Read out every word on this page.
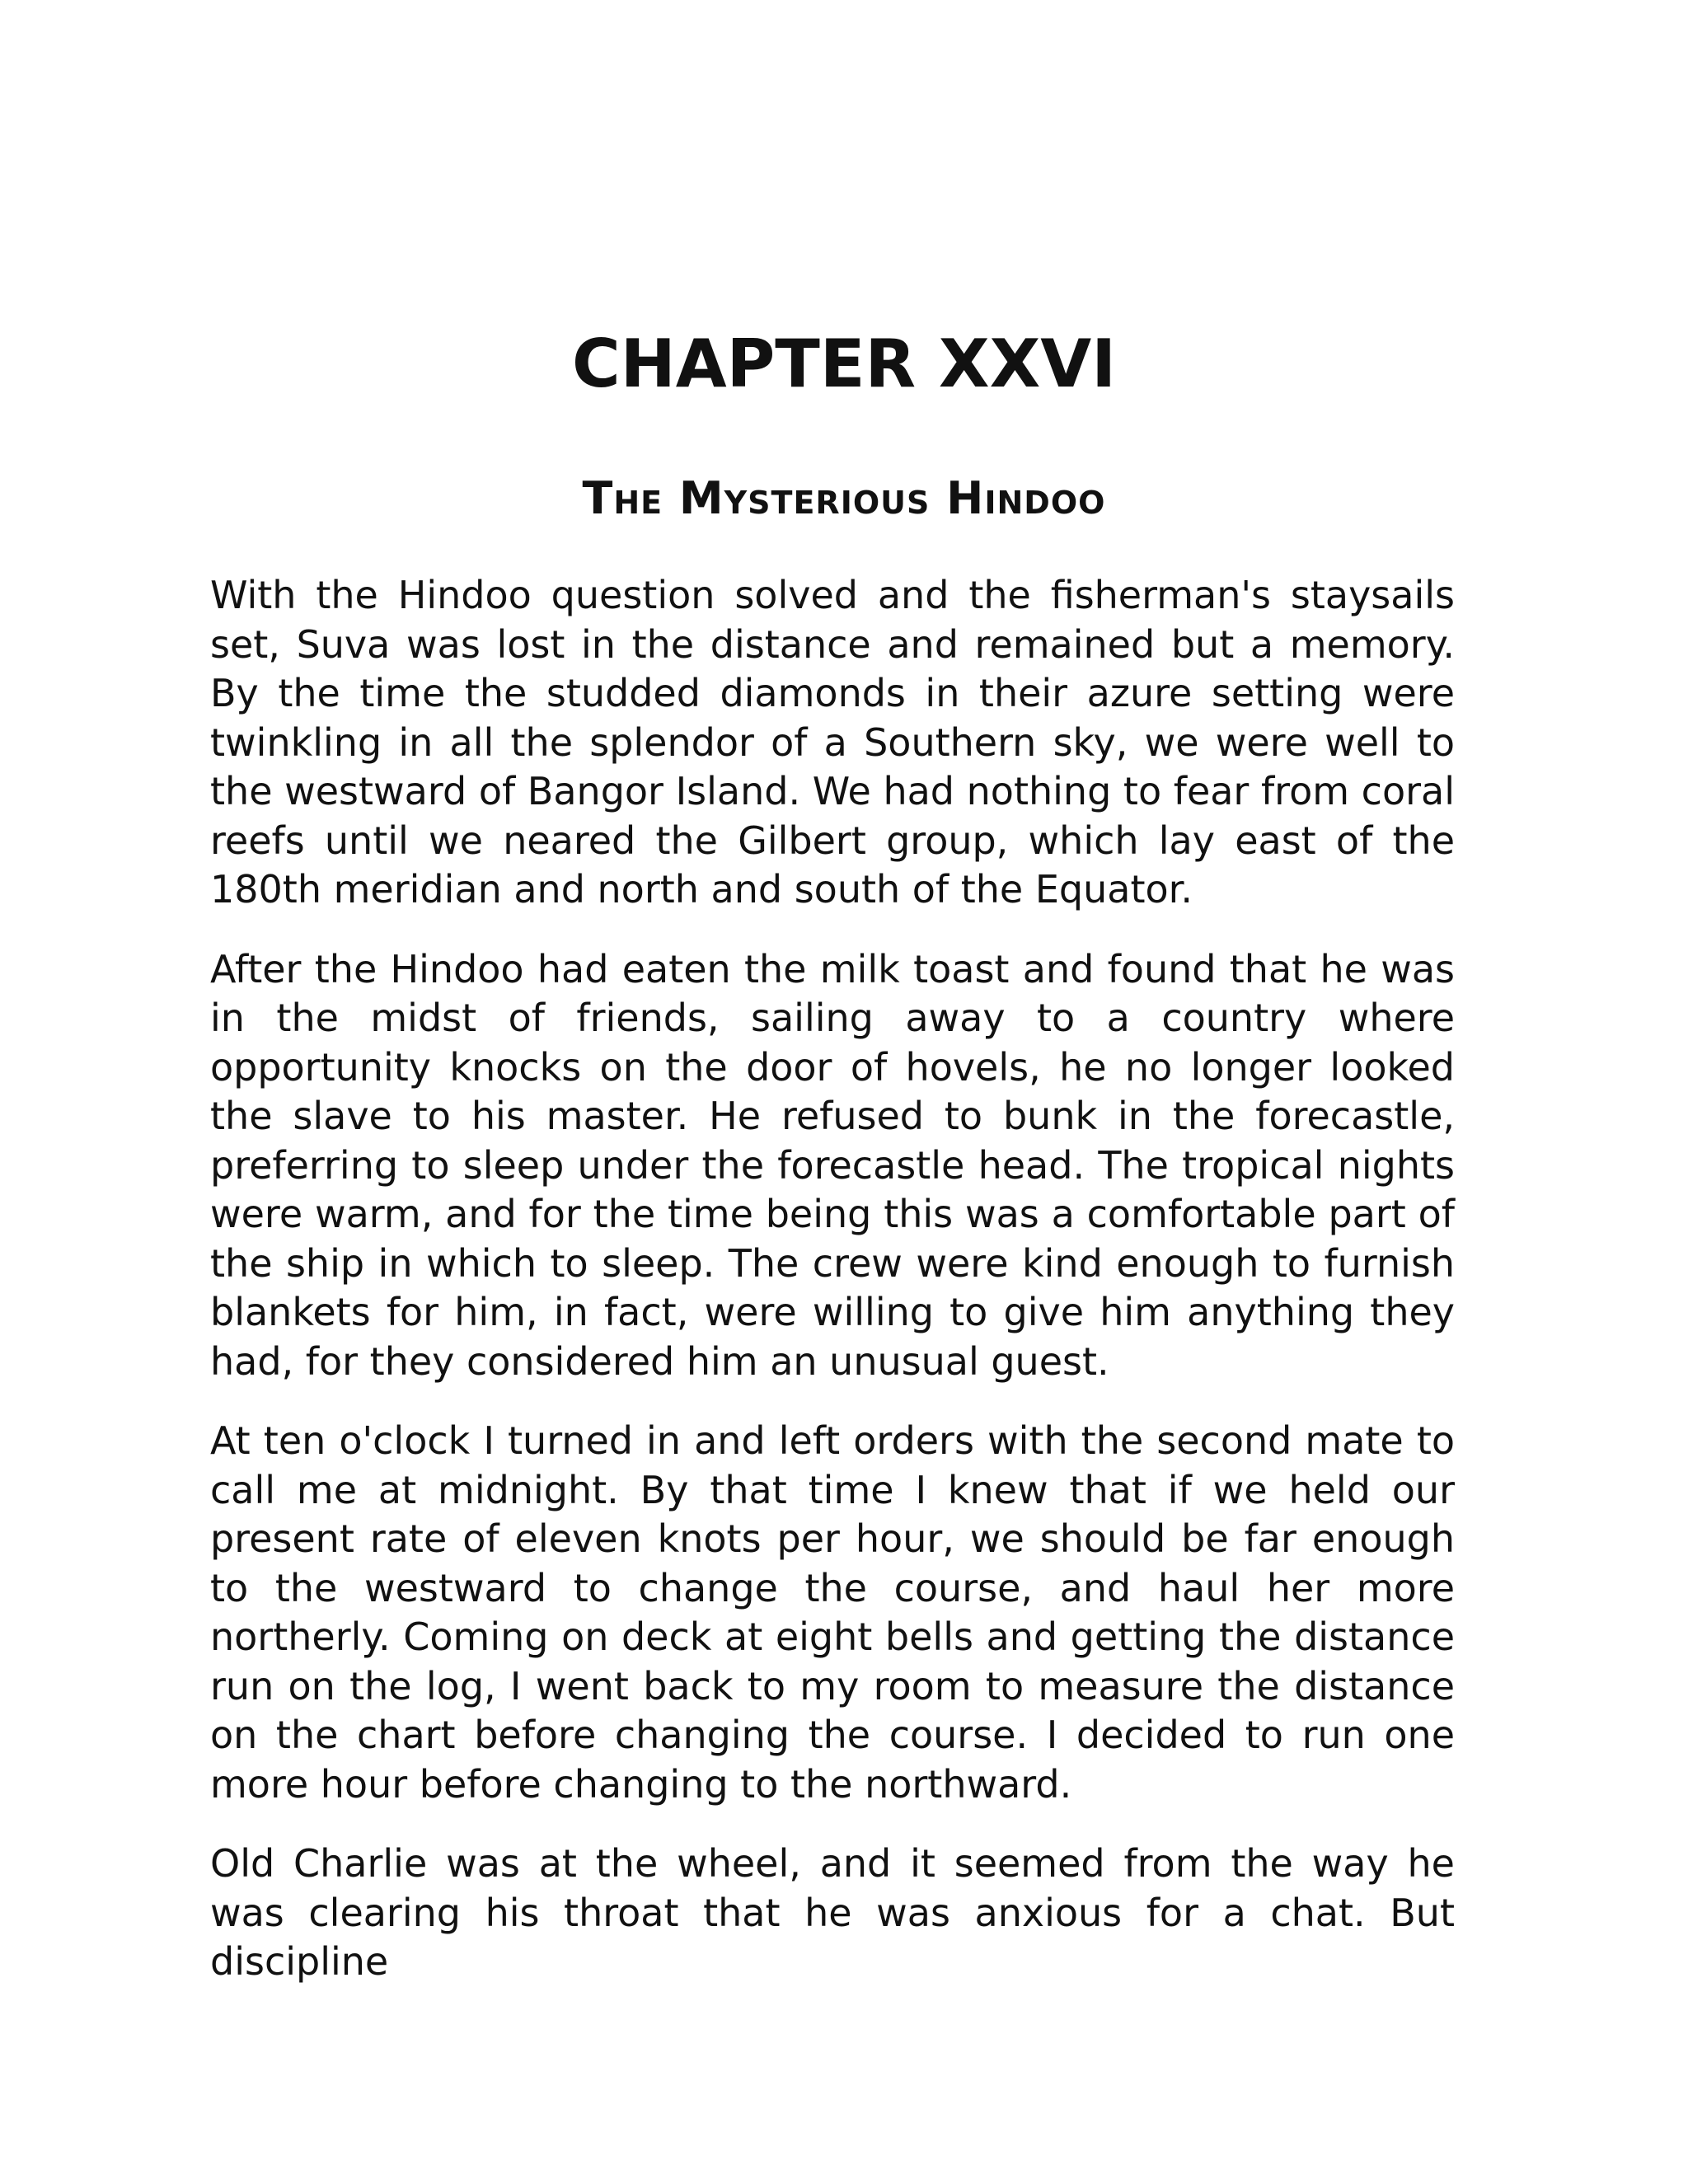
CHAPTER XXVI
The Mysterious Hindoo

With the Hindoo question solved and the fisherman's staysails set, Suva was lost in the distance and remained but a memory. By the time the studded diamonds in their azure setting were twinkling in all the splendor of a Southern sky, we were well to the westward of Bangor Island. We had nothing to fear from coral reefs until we neared the Gilbert group, which lay east of the 180th meridian and north and south of the Equator.

After the Hindoo had eaten the milk toast and found that he was in the midst of friends, sailing away to a country where opportunity knocks on the door of hovels, he no longer looked the slave to his master. He refused to bunk in the forecastle, preferring to sleep under the forecastle head. The tropical nights were warm, and for the time being this was a comfortable part of the ship in which to sleep. The crew were kind enough to furnish blankets for him, in fact, were willing to give him anything they had, for they considered him an unusual guest.

At ten o'clock I turned in and left orders with the second mate to call me at midnight. By that time I knew that if we held our present rate of eleven knots per hour, we should be far enough to the westward to change the course, and haul her more northerly. Coming on deck at eight bells and getting the distance run on the log, I went back to my room to measure the distance on the chart before changing the course. I decided to run one more hour before changing to the northward.

Old Charlie was at the wheel, and it seemed from the way he was clearing his throat that he was anxious for a chat. But discipline
